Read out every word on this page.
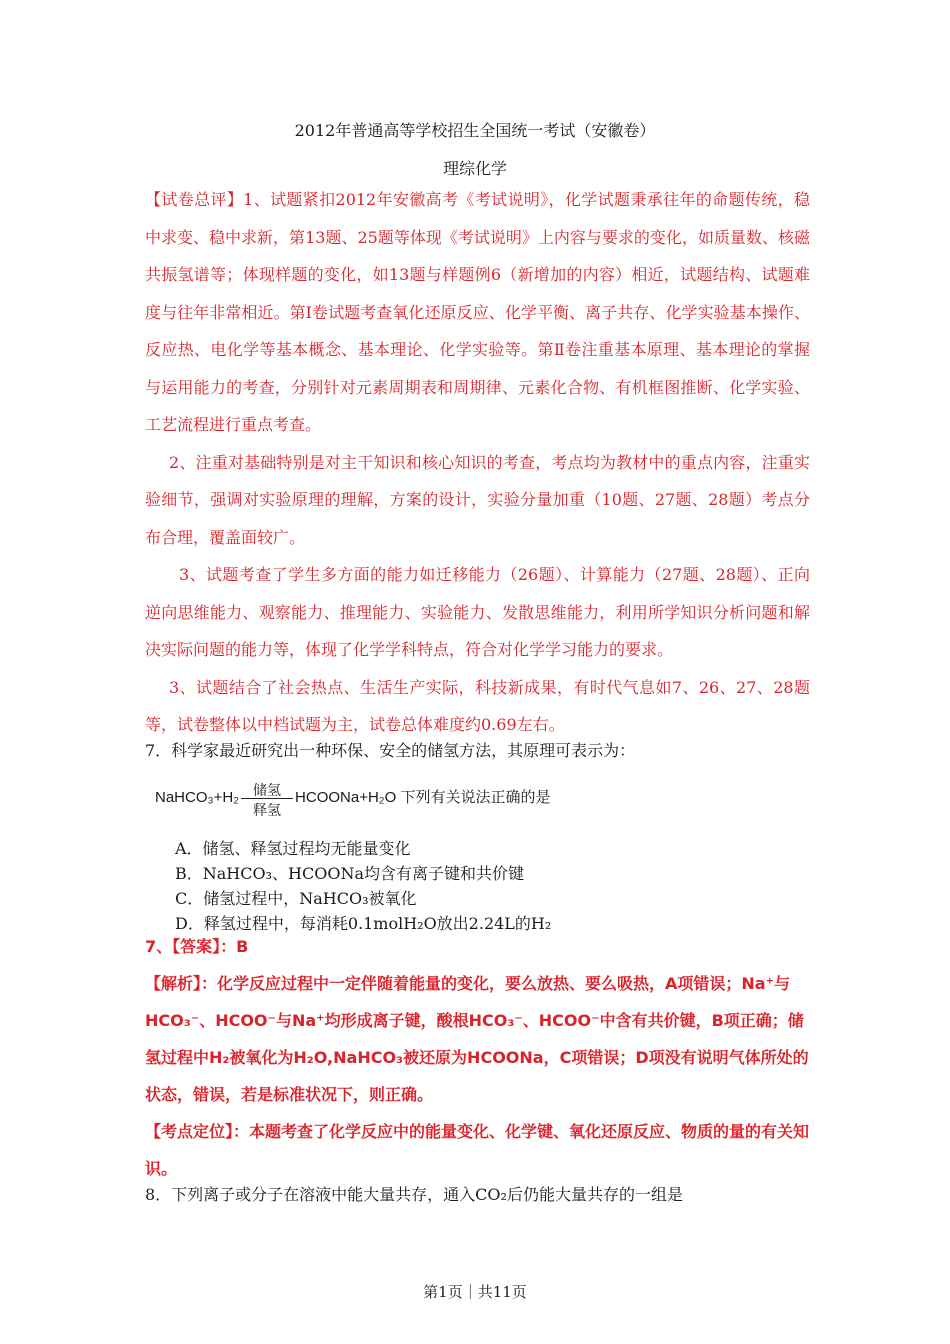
2012年普通高等学校招生全国统一考试（安徽卷）
理综化学

【试卷总评】1、试题紧扣2012年安徽高考《考试说明》，化学试题秉承往年的命题传统，稳中求变、稳中求新，第13题、25题等体现《考试说明》上内容与要求的变化，如质量数、核磁共振氢谱等；体现样题的变化，如13题与样题例6（新增加的内容）相近，试题结构、试题难度与往年非常相近。第Ⅰ卷试题考查氧化还原反应、化学平衡、离子共存、化学实验基本操作、反应热、电化学等基本概念、基本理论、化学实验等。第Ⅱ卷注重基本原理、基本理论的掌握与运用能力的考查，分别针对元素周期表和周期律、元素化合物、有机框图推断、化学实验、工艺流程进行重点考查。

2、注重对基础特别是对主干知识和核心知识的考查，考点均为教材中的重点内容，注重实验细节，强调对实验原理的理解，方案的设计，实验分量加重（10题、27题、28题）考点分布合理，覆盖面较广。

3、试题考查了学生多方面的能力如迁移能力（26题）、计算能力（27题、28题）、正向逆向思维能力、观察能力、推理能力、实验能力、发散思维能力，利用所学知识分析问题和解决实际问题的能力等，体现了化学学科特点，符合对化学学习能力的要求。

3、试题结合了社会热点、生活生产实际，科技新成果，有时代气息如7、26、27、28题等，试卷整体以中档试题为主，试卷总体难度约0.69左右。

7．科学家最近研究出一种环保、安全的储氢方法，其原理可表示为：
NaHCO₃+H₂	储氢
释氢
HCOONa+H₂O 下列有关说法正确的是
A．储氢、释氢过程均无能量变化
B．NaHCO₃、HCOONa均含有离子键和共价键
C．储氢过程中，NaHCO₃被氧化
D．释氢过程中，每消耗0.1molH₂O放出2.24L的H₂

7、【答案】：B

【解析】：化学反应过程中一定伴随着能量的变化，要么放热、要么吸热，A项错误；Na⁺与HCO₃⁻、HCOO⁻与Na⁺均形成离子键，酸根HCO₃⁻、HCOO⁻中含有共价键，B项正确；储氢过程中H₂被氧化为H₂O,NaHCO₃被还原为HCOONa，C项错误；D项没有说明气体所处的状态，错误，若是标准状况下，则正确。

【考点定位】：本题考查了化学反应中的能量变化、化学键、氧化还原反应、物质的量的有关知识。

8．下列离子或分子在溶液中能大量共存，通入CO₂后仍能大量共存的一组是
第1页｜共11页
